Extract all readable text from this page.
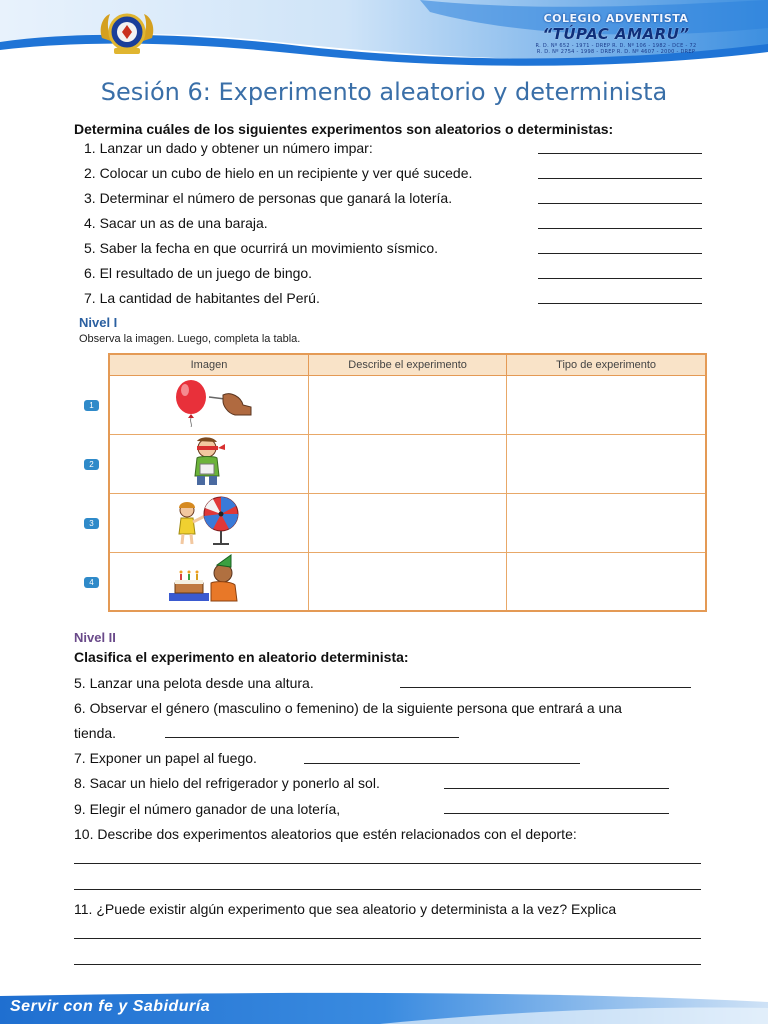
COLEGIO ADVENTISTA
“TÚPAC AMARU”
R. D. Nº 652 - 1971 - DREP R. D. Nº 106 - 1982 - DCE - 72
R. D. Nº 2754 - 1998 - DREP R. D. Nº 4607 - 2000 - DREP
Sesión 6: Experimento aleatorio y determinista
Determina cuáles de los siguientes experimentos son aleatorios o deterministas:
1. Lanzar un dado y obtener un número impar:
2. Colocar un cubo de hielo en un recipiente y ver qué sucede.
3. Determinar el número de personas que ganará la lotería.
4. Sacar un as de una baraja.
5. Saber la fecha en que ocurrirá un movimiento sísmico.
6. El resultado de un juego de bingo.
7. La cantidad de habitantes del Perú.
Nivel I
Observa la imagen. Luego, completa la tabla.
Imagen	Describe el experimento	Tipo de experimento

1
2
3
4
Nivel II
Clasifica el experimento en aleatorio determinista:
5. Lanzar una pelota desde una altura.
6. Observar el género (masculino o femenino) de la siguiente persona que entrará a una
tienda.
7. Exponer un papel al fuego.
8. Sacar un hielo del refrigerador y ponerlo al sol.
9. Elegir el número ganador de una lotería,
10. Describe dos experimentos aleatorios que estén relacionados con el deporte:
11. ¿Puede existir algún experimento que sea aleatorio y determinista a la vez? Explica
Servir con fe y Sabiduría
